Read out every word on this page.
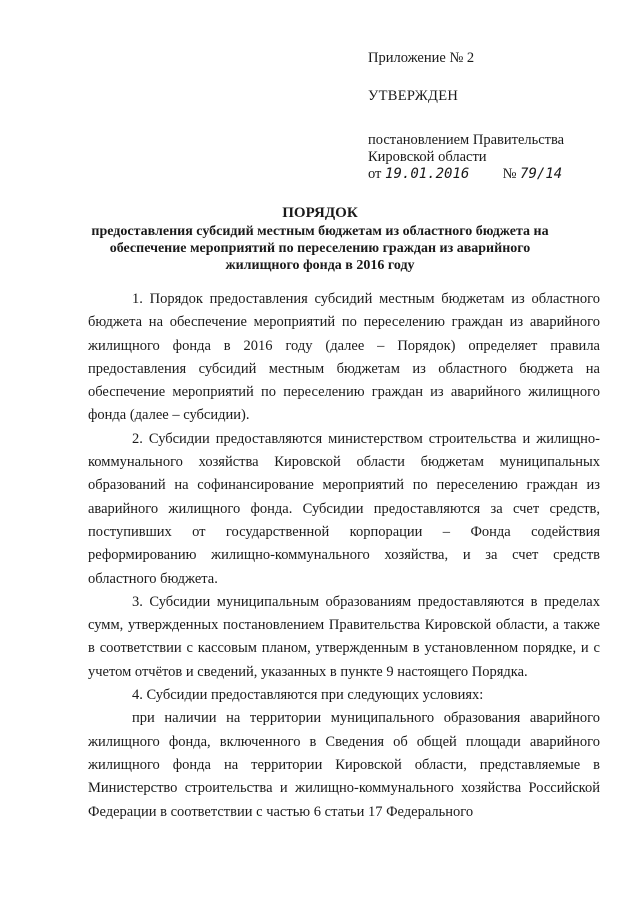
Приложение № 2

УТВЕРЖДЕН

постановлением Правительства

Кировской области

от 19.01.2016 № 79/14

ПОРЯДОК

предоставления субсидий местным бюджетам из областного бюджета на обеспечение мероприятий по переселению граждан из аварийного жилищного фонда в 2016 году

1. Порядок предоставления субсидий местным бюджетам из областного бюджета на обеспечение мероприятий по переселению граждан из аварийного жилищного фонда в 2016 году (далее – Порядок) определяет правила предоставления субсидий местным бюджетам из областного бюджета на обеспечение мероприятий по переселению граждан из аварийного жилищного фонда (далее – субсидии).

2. Субсидии предоставляются министерством строительства и жилищно-коммунального хозяйства Кировской области бюджетам муниципальных образований на софинансирование мероприятий по переселению граждан из аварийного жилищного фонда. Субсидии предоставляются за счет средств, поступивших от государственной корпорации – Фонда содействия реформированию жилищно-коммунального хозяйства, и за счет средств областного бюджета.

3. Субсидии муниципальным образованиям предоставляются в пределах сумм, утвержденных постановлением Правительства Кировской области, а также в соответствии с кассовым планом, утвержденным в установленном порядке, и с учетом отчётов и сведений, указанных в пункте 9 настоящего Порядка.

4. Субсидии предоставляются при следующих условиях:

при наличии на территории муниципального образования аварийного жилищного фонда, включенного в Сведения об общей площади аварийного жилищного фонда на территории Кировской области, представляемые в Министерство строительства и жилищно-коммунального хозяйства Российской Федерации в соответствии с частью 6 статьи 17 Федерального
